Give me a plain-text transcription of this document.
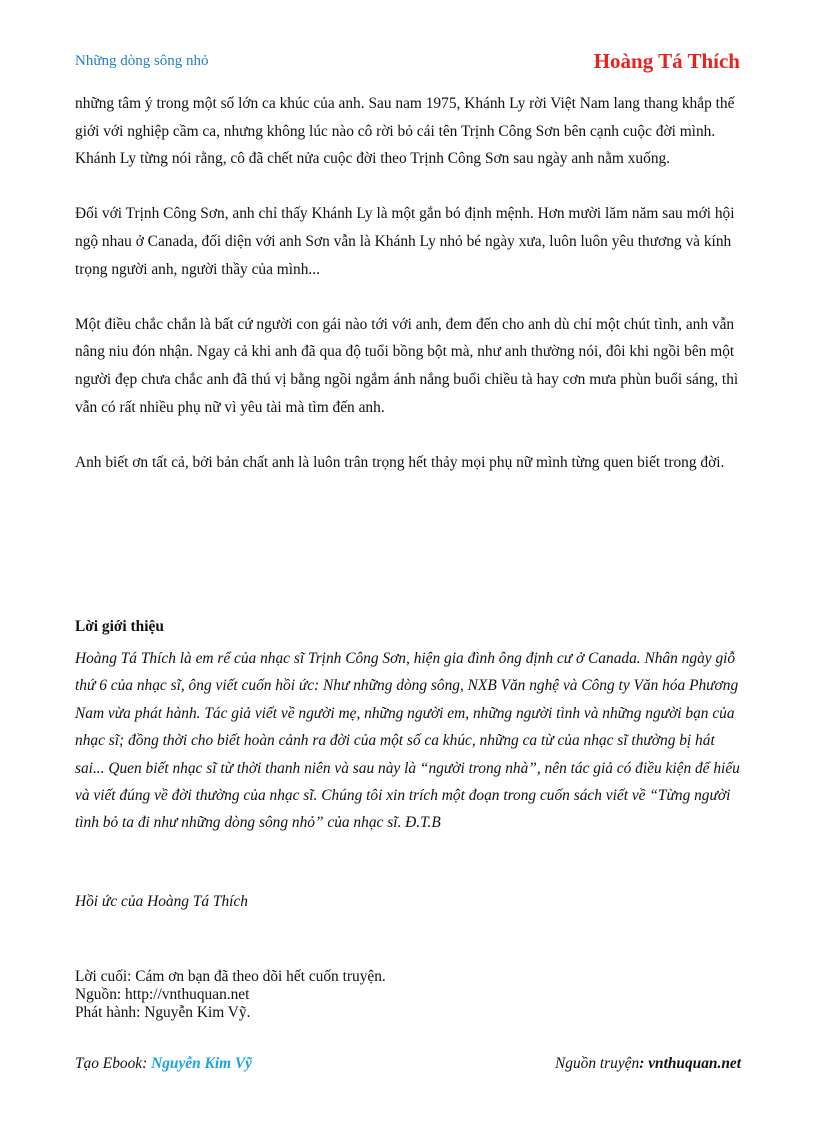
Những dòng sông nhỏ	Hoàng Tá Thích

những tâm ý trong một số lớn ca khúc của anh. Sau nam 1975, Khánh Ly rời Việt Nam lang thang khắp thế giới với nghiệp cầm ca, nhưng không lúc nào cô rời bỏ cái tên Trịnh Công Sơn bên cạnh cuộc đời mình. Khánh Ly từng nói rằng, cô đã chết nửa cuộc đời theo Trịnh Công Sơn sau ngày anh nằm xuống.

Đối với Trịnh Công Sơn, anh chỉ thấy Khánh Ly là một gắn bó định mệnh. Hơn mười lăm năm sau mới hội ngộ nhau ở Canada, đối diện với anh Sơn vẫn là Khánh Ly nhỏ bé ngày xưa, luôn luôn yêu thương và kính trọng người anh, người thầy của mình...

Một điều chắc chắn là bất cứ người con gái nào tới với anh, đem đến cho anh dù chỉ một chút tình, anh vẫn nâng niu đón nhận. Ngay cả khi anh đã qua độ tuổi bồng bột mà, như anh thường nói, đôi khi ngồi bên một người đẹp chưa chắc anh đã thú vị bằng ngồi ngắm ánh nắng buổi chiều tà hay cơn mưa phùn buổi sáng, thì vẫn có rất nhiều phụ nữ vì yêu tài mà tìm đến anh.

Anh biết ơn tất cả, bởi bản chất anh là luôn trân trọng hết thảy mọi phụ nữ mình từng quen biết trong đời.

Lời giới thiệu

Hoàng Tá Thích là em rể của nhạc sĩ Trịnh Công Sơn, hiện gia đình ông định cư ở Canada. Nhân ngày giỗ thứ 6 của nhạc sĩ, ông viết cuốn hồi ức: Như những dòng sông, NXB Văn nghệ và Công ty Văn hóa Phương Nam vừa phát hành. Tác giả viết về người mẹ, những người em, những người tình và những người bạn của nhạc sĩ; đồng thời cho biết hoàn cảnh ra đời của một số ca khúc, những ca từ của nhạc sĩ thường bị hát sai... Quen biết nhạc sĩ từ thời thanh niên và sau này là “người trong nhà”, nên tác giả có điều kiện để hiểu và viết đúng về đời thường của nhạc sĩ. Chúng tôi xin trích một đoạn trong cuốn sách viết về “Từng người tình bỏ ta đi như những dòng sông nhỏ” của nhạc sĩ. Đ.T.B

Hồi ức của Hoàng Tá Thích
Lời cuối: Cám ơn bạn đã theo dõi hết cuốn truyện.
Nguồn: http://vnthuquan.net
Phát hành: Nguyễn Kim Vỹ.
Tạo Ebook: Nguyễn Kim Vỹ	Nguồn truyện: vnthuquan.net
